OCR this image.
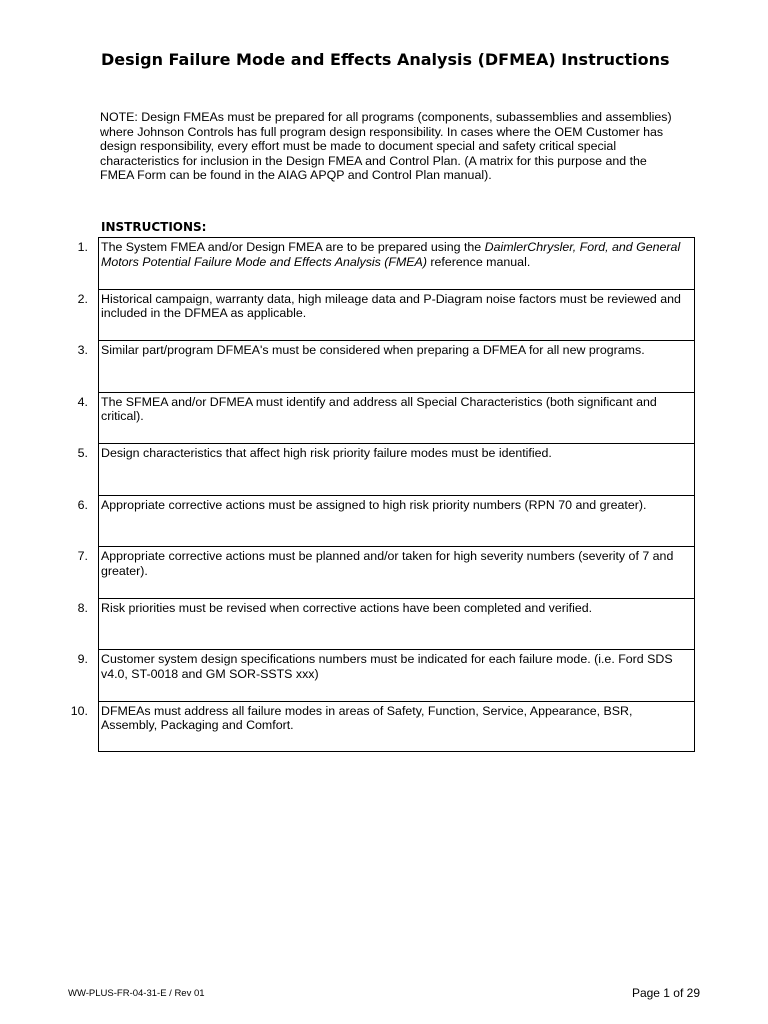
Design Failure Mode and Effects Analysis (DFMEA) Instructions

NOTE: Design FMEAs must be prepared for all programs (components, subassemblies and assemblies)

where Johnson Controls has full program design responsibility. In cases where the OEM Customer has

design responsibility, every effort must be made to document special and safety critical special

characteristics for inclusion in the Design FMEA and Control Plan. (A matrix for this purpose and the

FMEA Form can be found in the AIAG APQP and Control Plan manual).

INSTRUCTIONS:
1. The System FMEA and/or Design FMEA are to be prepared using the DaimlerChrysler, Ford, and General

Motors Potential Failure Mode and Effects Analysis (FMEA) reference manual.

2. Historical campaign, warranty data, high mileage data and P-Diagram noise factors must be reviewed and

included in the DFMEA as applicable.

3. Similar part/program DFMEA's must be considered when preparing a DFMEA for all new programs.

4. The SFMEA and/or DFMEA must identify and address all Special Characteristics (both significant and

critical).

5. Design characteristics that affect high risk priority failure modes must be identified.

6. Appropriate corrective actions must be assigned to high risk priority numbers (RPN 70 and greater).

7. Appropriate corrective actions must be planned and/or taken for high severity numbers (severity of 7 and

greater).

8. Risk priorities must be revised when corrective actions have been completed and verified.

9. Customer system design specifications numbers must be indicated for each failure mode. (i.e. Ford SDS

v4.0, ST-0018 and GM SOR-SSTS xxx)

10. DFMEAs must address all failure modes in areas of Safety, Function, Service, Appearance, BSR,

Assembly, Packaging and Comfort.

WW-PLUS-FR-04-31-E / Rev 01	Page 1 of 29
